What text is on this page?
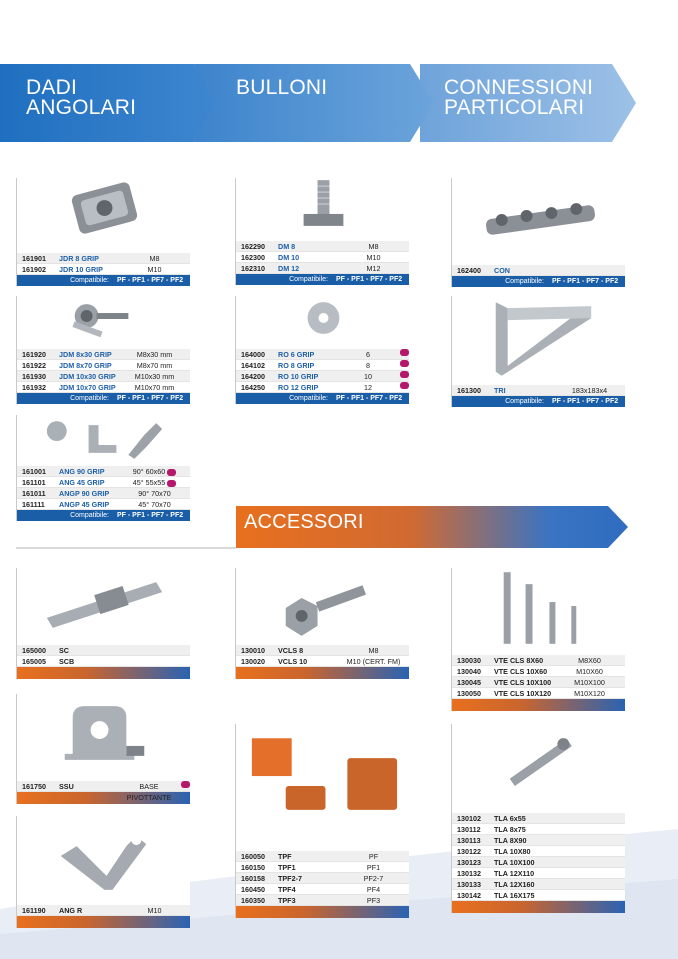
DADI
ANGOLARI
BULLONI	CONNESSIONI
PARTICOLARI
161901	JDR 8 GRIP	M8
161902	JDR 10 GRIP	M10
Compatibile:	PF - PF1 - PF7 - PF2
161920	JDM 8x30 GRIP	M8x30 mm
161922	JDM 8x70 GRIP	M8x70 mm
161930	JDM 10x30 GRIP	M10x30 mm
161932	JDM 10x70 GRIP	M10x70 mm
Compatibile:	PF - PF1 - PF7 - PF2
161001	ANG 90 GRIP	90° 60x60
161101	ANG 45 GRIP	45° 55x55
161011	ANGP 90 GRIP	90° 70x70
161111	ANGP 45 GRIP	45° 70x70
Compatibile:	PF - PF1 - PF7 - PF2
162290	DM 8	M8
162300	DM 10	M10
162310	DM 12	M12
Compatibile:	PF - PF1 - PF7 - PF2
164000	RO 6 GRIP	6
164102	RO 8 GRIP	8
164200	RO 10 GRIP	10
164250	RO 12 GRIP	12
Compatibile:	PF - PF1 - PF7 - PF2
162400	CON
Compatibile:	PF - PF1 - PF7 - PF2
161300	TRI	183x183x4
Compatibile:	PF - PF1 - PF7 - PF2
ACCESSORI
165000	SC
165005	SCB
161750	SSU	BASE PIVOTTANTE
161190	ANG R	M10
130010	VCLS 8	M8
130020	VCLS 10	M10 (CERT. FM)
160050	TPF	PF
160150	TPF1	PF1
160158	TPF2-7	PF2-7
160450	TPF4	PF4
160350	TPF3	PF3
130030	VTE CLS 8X60	M8X60
130040	VTE CLS 10X60	M10X60
130045	VTE CLS 10X100	M10X100
130050	VTE CLS 10X120	M10X120
130102	TLA 6x55
130112	TLA 8x75
130113	TLA 8X90
130122	TLA 10X80
130123	TLA 10X100
130132	TLA 12X110
130133	TLA 12X160
130142	TLA 16X175
